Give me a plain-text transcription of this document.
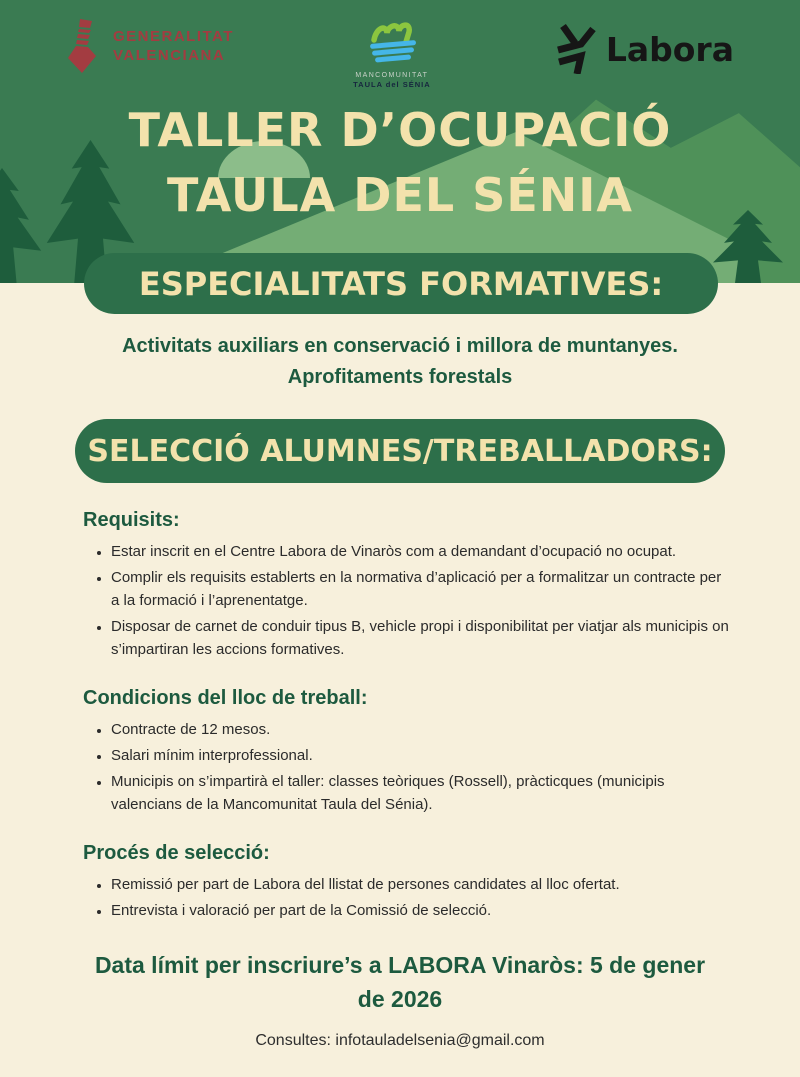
GENERALITAT
VALENCIANA
MANCOMUNITAT
TAULA del SÉNIA
Labora
TALLER D’OCUPACIÓ
TAULA DEL SÉNIA
ESPECIALITATS FORMATIVES:
Activitats auxiliars en conservació i millora de muntanyes.
Aprofitaments forestals
SELECCIÓ ALUMNES/TREBALLADORS:
Requisits:
• Estar inscrit en el Centre Labora de Vinaròs com a demandant d’ocupació no ocupat.
• Complir els requisits establerts en la normativa d’aplicació per a formalitzar un contracte per a la formació i l’aprenentatge.
• Disposar de carnet de conduir tipus B, vehicle propi i disponibilitat per viatjar als municipis on s’impartiran les accions formatives.
Condicions del lloc de treball:
• Contracte de 12 mesos.
• Salari mínim interprofessional.
• Municipis on s’impartirà el taller: classes teòriques (Rossell), pràcticques (municipis valencians de la Mancomunitat Taula del Sénia).
Procés de selecció:
• Remissió per part de Labora del llistat de persones candidates al lloc ofertat.
• Entrevista i valoració per part de la Comissió de selecció.
Data límit per inscriure’s a LABORA Vinaròs: 5 de gener de 2026
Consultes: infotauladelsenia@gmail.com
